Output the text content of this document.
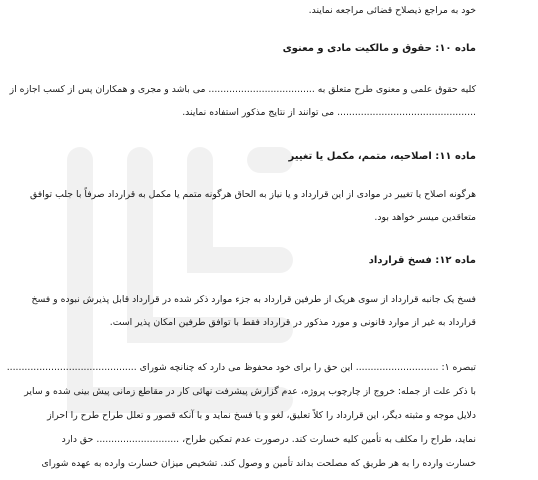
خود به مراجع ذیصلاح قضائی مراجعه نمایند.
ماده ۱۰: حقوق و مالکیت مادی و معنوی
کلیه حقوق علمی و معنوی طرح متعلق به .................................... می باشد و مجری و همکاران پس از کسب اجازه از
............................................... می توانند از نتایج مذکور استفاده نمایند.
ماده ۱۱: اصلاحیه، متمم، مکمل یا تغییر
هرگونه اصلاح یا تغییر در موادی از این قرارداد و یا نیاز به الحاق هرگونه متمم یا مکمل به قرارداد صرفاً با جلب توافق
متعاقدین میسر خواهد بود.
ماده ۱۲: فسخ قرارداد
فسخ یک جانبه قرارداد از سوی هریک از طرفین قرارداد به جزء موارد ذکر شده در قرارداد قابل پذیرش نبوده و فسخ
قرارداد به غیر از موارد قانونی و مورد مذکور در قرارداد فقط با توافق طرفین امکان پذیر است.
تبصره ۱: ............................ این حق را برای خود محفوظ می دارد که چنانچه شورای ............................................
با ذکر علت از جمله: خروج از چارچوب پروژه، عدم گزارش پیشرفت نهائی کار در مقاطع زمانی پیش بینی شده و سایر
دلایل موجه و مثبته دیگر، این قرارداد را کلاً تعلیق، لغو و یا فسخ نماید و با آنکه قصور و تعلل طراح طرح را احراز
نماید، طراح را مکلف به تأمین کلیه خسارت کند. درصورت عدم تمکین طراح، ............................ حق دارد
خسارت وارده را به هر طریق که مصلحت بداند تأمین و وصول کند. تشخیص میزان خسارت وارده به عهده شورای
